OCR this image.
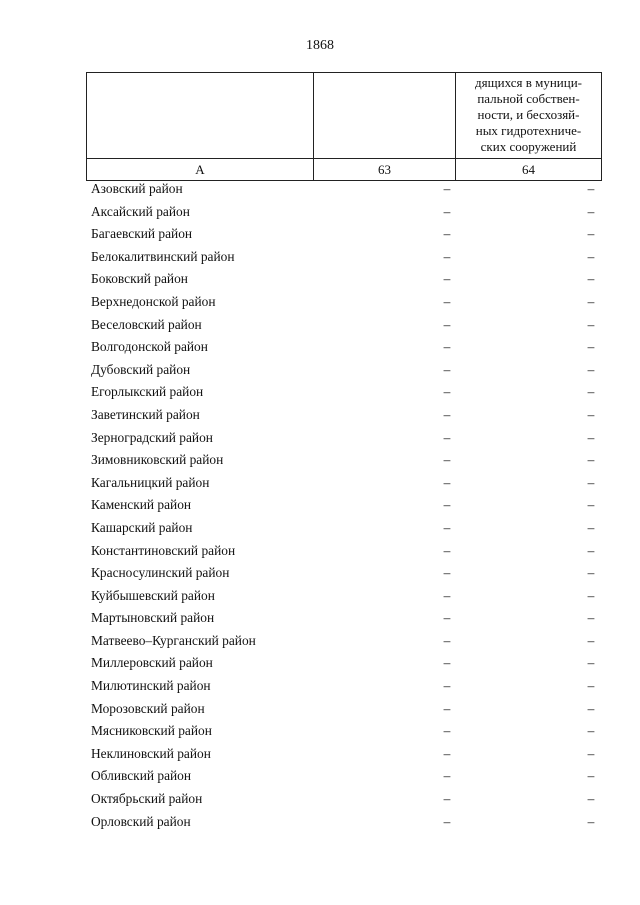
1868

		дящихся в муници-
пальной собствен-
ности, и бесхозяй-
ных гидротехниче-
ских сооружений

А	63	64
Азовский район	–	–
Аксайский район	–	–
Багаевский район	–	–
Белокалитвинский район	–	–
Боковский район	–	–
Верхнедонской район	–	–
Веселовский район	–	–
Волгодонской район	–	–
Дубовский район	–	–
Егорлыкский район	–	–
Заветинский район	–	–
Зерноградский район	–	–
Зимовниковский район	–	–
Кагальницкий район	–	–
Каменский район	–	–
Кашарский район	–	–
Константиновский район	–	–
Красносулинский район	–	–
Куйбышевский район	–	–
Мартыновский район	–	–
Матвеево–Курганский район	–	–
Миллеровский район	–	–
Милютинский район	–	–
Морозовский район	–	–
Мясниковский район	–	–
Неклиновский район	–	–
Обливский район	–	–
Октябрьский район	–	–
Орловский район	–	–
